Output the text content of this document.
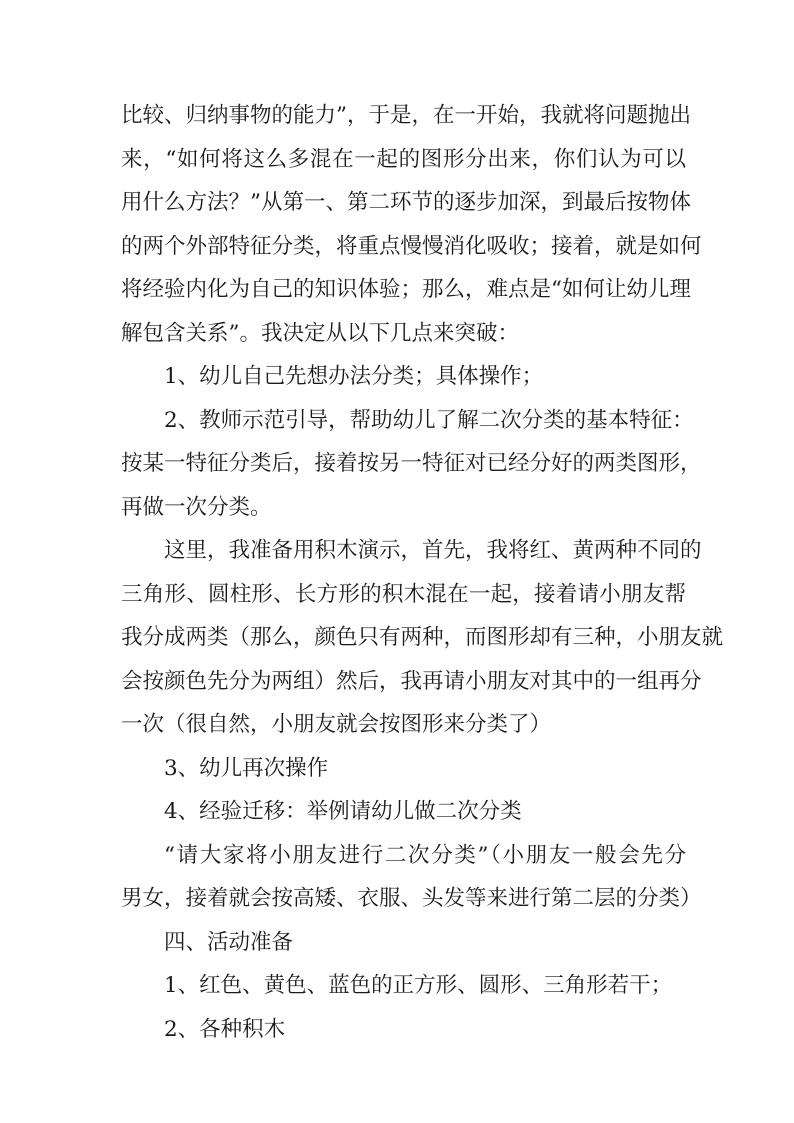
比较、归纳事物的能力”，于是，在一开始，我就将问题抛出
来，“如何将这么多混在一起的图形分出来，你们认为可以
用什么方法？”从第一、第二环节的逐步加深，到最后按物体
的两个外部特征分类，将重点慢慢消化吸收；接着，就是如何
将经验内化为自己的知识体验；那么，难点是“如何让幼儿理
解包含关系”。我决定从以下几点来突破：
1、幼儿自己先想办法分类；具体操作；
2、教师示范引导，帮助幼儿了解二次分类的基本特征：
按某一特征分类后，接着按另一特征对已经分好的两类图形，
再做一次分类。
这里，我准备用积木演示，首先，我将红、黄两种不同的
三角形、圆柱形、长方形的积木混在一起，接着请小朋友帮
我分成两类（那么，颜色只有两种，而图形却有三种，小朋友就
会按颜色先分为两组）然后，我再请小朋友对其中的一组再分
一次（很自然，小朋友就会按图形来分类了）
3、幼儿再次操作
4、经验迁移：举例请幼儿做二次分类
“请大家将小朋友进行二次分类”（小朋友一般会先分
男女，接着就会按高矮、衣服、头发等来进行第二层的分类）
四、活动准备
1、红色、黄色、蓝色的正方形、圆形、三角形若干；
2、各种积木
